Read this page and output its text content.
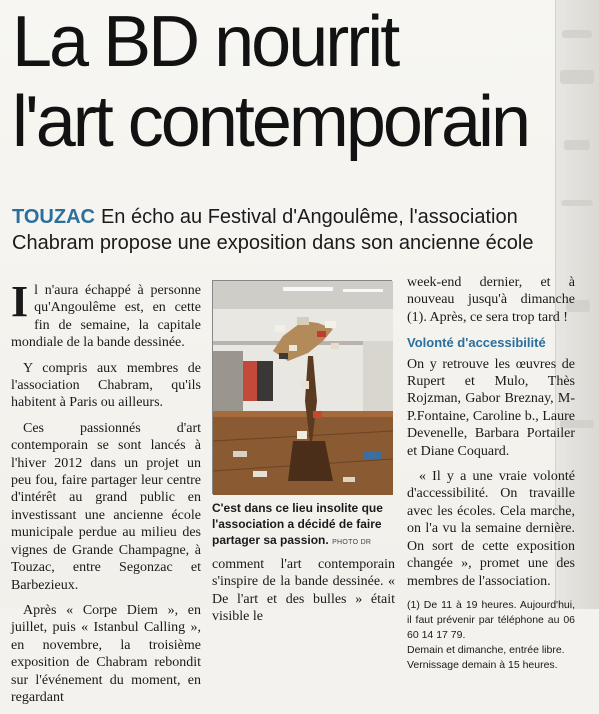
La BD nourrit
l'art contemporain
TOUZAC En écho au Festival d'Angoulême, l'association Chabram propose une exposition dans son ancienne école

Il n'aura échappé à personne qu'Angoulême est, en cette fin de semaine, la capitale mondiale de la bande dessinée.

Y compris aux membres de l'association Chabram, qu'ils habitent à Paris ou ailleurs.

Ces passionnés d'art contemporain se sont lancés à l'hiver 2012 dans un projet un peu fou, faire partager leur centre d'intérêt au grand public en investissant une ancienne école municipale perdue au milieu des vignes de Grande Champagne, à Touzac, entre Segonzac et Barbezieux.

Après « Corpe Diem », en juillet, puis « Istanbul Calling », en novembre, la troisième exposition de Chabram rebondit sur l'événement du moment, en regardant

C'est dans ce lieu insolite que l'association a décidé de faire partager sa passion. PHOTO DR

comment l'art contemporain s'inspire de la bande dessinée. « De l'art et des bulles » était visible le

week-end dernier, et à nouveau jusqu'à dimanche (1). Après, ce sera trop tard !

Volonté d'accessibilité

On y retrouve les œuvres de Rupert et Mulo, Thès Rojzman, Gabor Breznay, M-P.Fontaine, Caroline b., Laure Devenelle, Barbara Portailer et Diane Coquard.

« Il y a une vraie volonté d'accessibilité. On travaille avec les écoles. Cela marche, on l'a vu la semaine dernière. On sort de cette exposition changée », promet une des membres de l'association.

(1) De 11 à 19 heures. Aujourd'hui, il faut prévenir par téléphone au 06 60 14 17 79.
Demain et dimanche, entrée libre.
Vernissage demain à 15 heures.
